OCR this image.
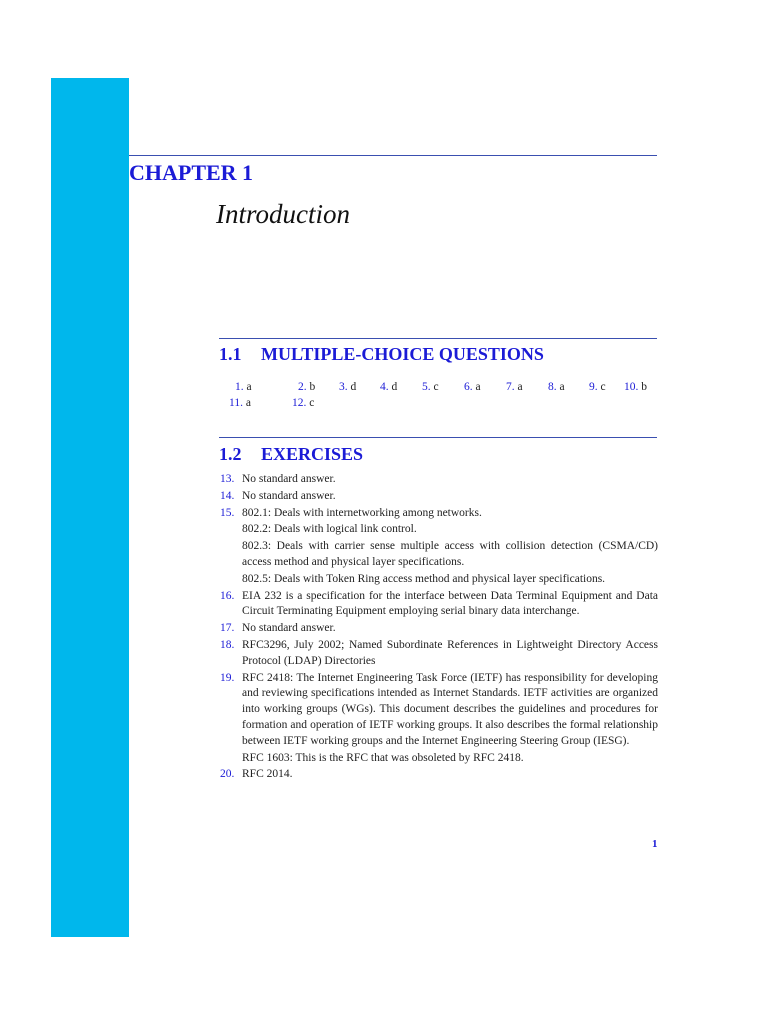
CHAPTER 1
Introduction
1.1 MULTIPLE-CHOICE QUESTIONS
1. a	2. b 3. d 4. d 5. c 6. a 7. a 8. a 9. c 10. b
11. a	12. c
1.2 EXERCISES
13. No standard answer.

14. No standard answer.

15. 802.1: Deals with internetworking among networks.

802.2: Deals with logical link control.

802.3: Deals with carrier sense multiple access with collision detection (CSMA/CD) access method and physical layer specifications.

802.5: Deals with Token Ring access method and physical layer specifications.

16. EIA 232 is a specification for the interface between Data Terminal Equipment and Data Circuit Terminating Equipment employing serial binary data interchange.

17. No standard answer.

18. RFC3296, July 2002; Named Subordinate References in Lightweight Directory Access Protocol (LDAP) Directories

19. RFC 2418: The Internet Engineering Task Force (IETF) has responsibility for developing and reviewing specifications intended as Internet Standards. IETF activities are organized into working groups (WGs). This document describes the guidelines and procedures for formation and operation of IETF working groups. It also describes the formal relationship between IETF working groups and the Internet Engineering Steering Group (IESG).

RFC 1603: This is the RFC that was obsoleted by RFC 2418.

20. RFC 2014.

1
